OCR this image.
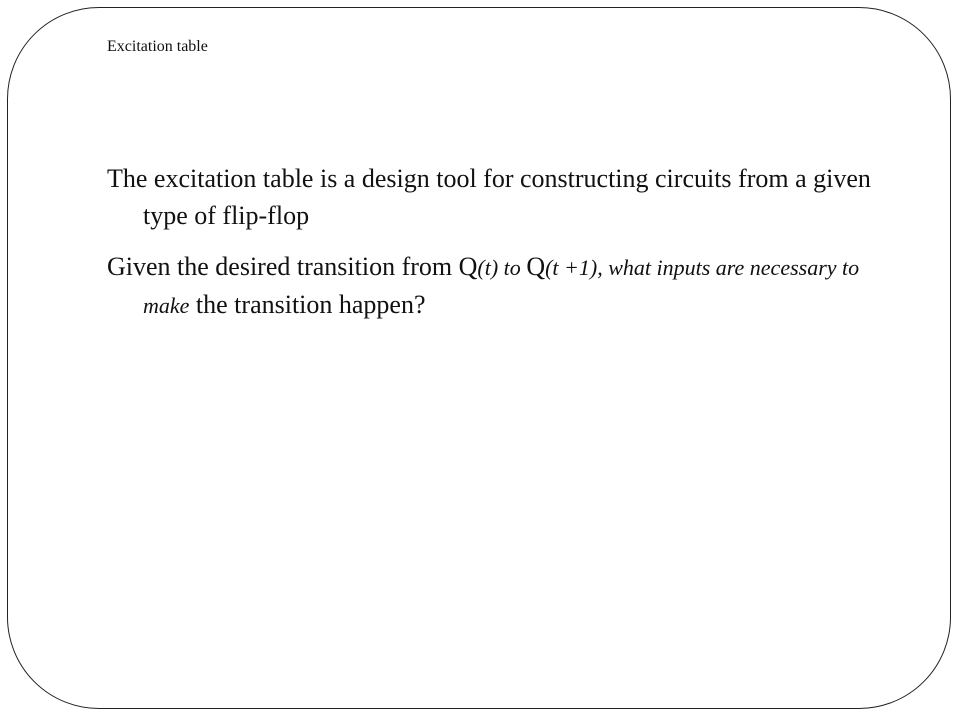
Excitation table

The excitation table is a design tool for constructing circuits from a given type of flip-flop

Given the desired transition from Q(t) to Q(t +1), what inputs are necessary to make the transition happen?
